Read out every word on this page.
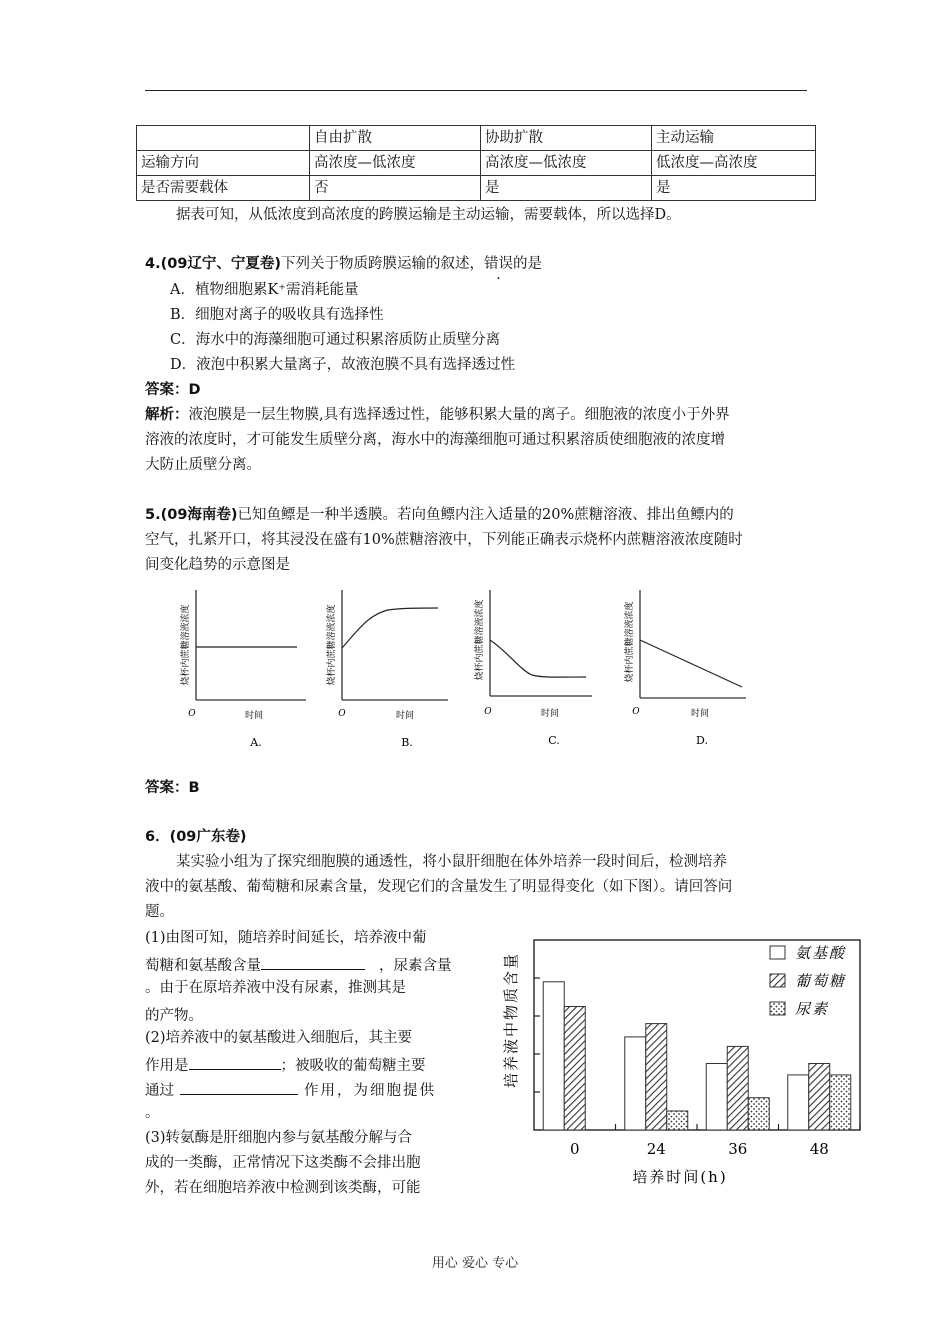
	自由扩散	协助扩散	主动运输
运输方向	高浓度—低浓度	高浓度—低浓度	低浓度—高浓度
是否需要载体	否	是	是
据表可知，从低浓度到高浓度的跨膜运输是主动运输，需要载体，所以选择D。
4.(09辽宁、宁夏卷)下列关于物质跨膜运输的叙述，错误的是
A．植物细胞累K⁺需消耗能量
B．细胞对离子的吸收具有选择性
C．海水中的海藻细胞可通过积累溶质防止质壁分离
D．液泡中积累大量离子，故液泡膜不具有选择透过性
答案：D
解析：液泡膜是一层生物膜,具有选择透过性，能够积累大量的离子。细胞液的浓度小于外界
溶液的浓度时，才可能发生质壁分离，海水中的海藻细胞可通过积累溶质使细胞液的浓度增
大防止质壁分离。
5.(09海南卷)已知鱼鳔是一种半透膜。若向鱼鳔内注入适量的20%蔗糖溶液、排出鱼鳔内的
空气，扎紧开口，将其浸没在盛有10%蔗糖溶液中，下列能正确表示烧杯内蔗糖溶液浓度随时
间变化趋势的示意图是
烧杯内蔗糖溶液浓度
O	时间
A.
烧杯内蔗糖溶液浓度
O	时间
B.
烧杯内蔗糖溶液浓度
O	时间
C.
烧杯内蔗糖溶液浓度
O	时间
D.
答案：B
6．(09广东卷)
某实验小组为了探究细胞膜的通透性，将小鼠肝细胞在体外培养一段时间后，检测培养
液中的氨基酸、葡萄糖和尿素含量，发现它们的含量发生了明显得变化（如下图）。请回答问
题。
(1)由图可知，随培养时间延长，培养液中葡
萄糖和氨基酸含量	，尿素含量
。由于在原培养液中没有尿素，推测其是
的产物。
(2)培养液中的氨基酸进入细胞后，其主要
作用是	；被吸收的葡萄糖主要
通过	作用，为细胞提供
。
(3)转氨酶是肝细胞内参与氨基酸分解与合
成的一类酶，正常情况下这类酶不会排出胞
外，若在细胞培养液中检测到该类酶，可能
0	24	36	48
氨基酸
葡萄糖
尿素
培养液中物质含量
培养时间(h)
用心 爱心 专心
